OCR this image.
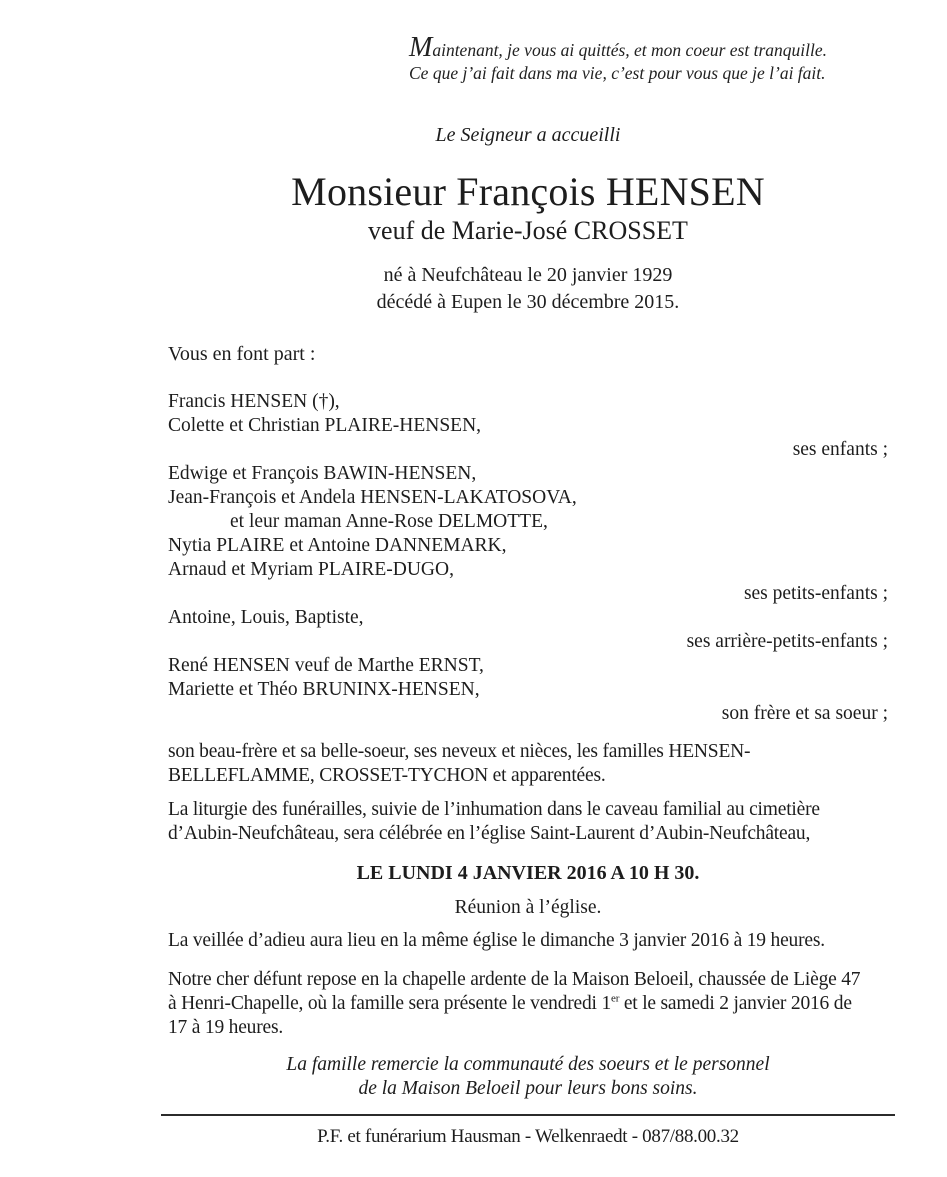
Maintenant, je vous ai quittés, et mon coeur est tranquille.
Ce que j’ai fait dans ma vie, c’est pour vous que je l’ai fait.
Le Seigneur a accueilli
Monsieur François HENSEN
veuf de Marie-José CROSSET
né à Neufchâteau le 20 janvier 1929
décédé à Eupen le 30 décembre 2015.
Vous en font part :
Francis HENSEN (†),
Colette et Christian PLAIRE-HENSEN,
ses enfants ;
Edwige et François BAWIN-HENSEN,
Jean-François et Andela HENSEN-LAKATOSOVA,
et leur maman Anne-Rose DELMOTTE,
Nytia PLAIRE et Antoine DANNEMARK,
Arnaud et Myriam PLAIRE-DUGO,
ses petits-enfants ;
Antoine, Louis, Baptiste,
ses arrière-petits-enfants ;
René HENSEN veuf de Marthe ERNST,
Mariette et Théo BRUNINX-HENSEN,
son frère et sa soeur ;
son beau-frère et sa belle-soeur, ses neveux et nièces, les familles HENSEN-
BELLEFLAMME, CROSSET-TYCHON et apparentées.
La liturgie des funérailles, suivie de l’inhumation dans le caveau familial au cimetière
d’Aubin-Neufchâteau, sera célébrée en l’église Saint-Laurent d’Aubin-Neufchâteau,
LE LUNDI 4 JANVIER 2016 A 10 H 30.
Réunion à l’église.
La veillée d’adieu aura lieu en la même église le dimanche 3 janvier 2016 à 19 heures.
Notre cher défunt repose en la chapelle ardente de la Maison Beloeil, chaussée de Liège 47
à Henri-Chapelle, où la famille sera présente le vendredi 1er et le samedi 2 janvier 2016 de
17 à 19 heures.
La famille remercie la communauté des soeurs et le personnel
de la Maison Beloeil pour leurs bons soins.
P.F. et funérarium Hausman - Welkenraedt - 087/88.00.32
